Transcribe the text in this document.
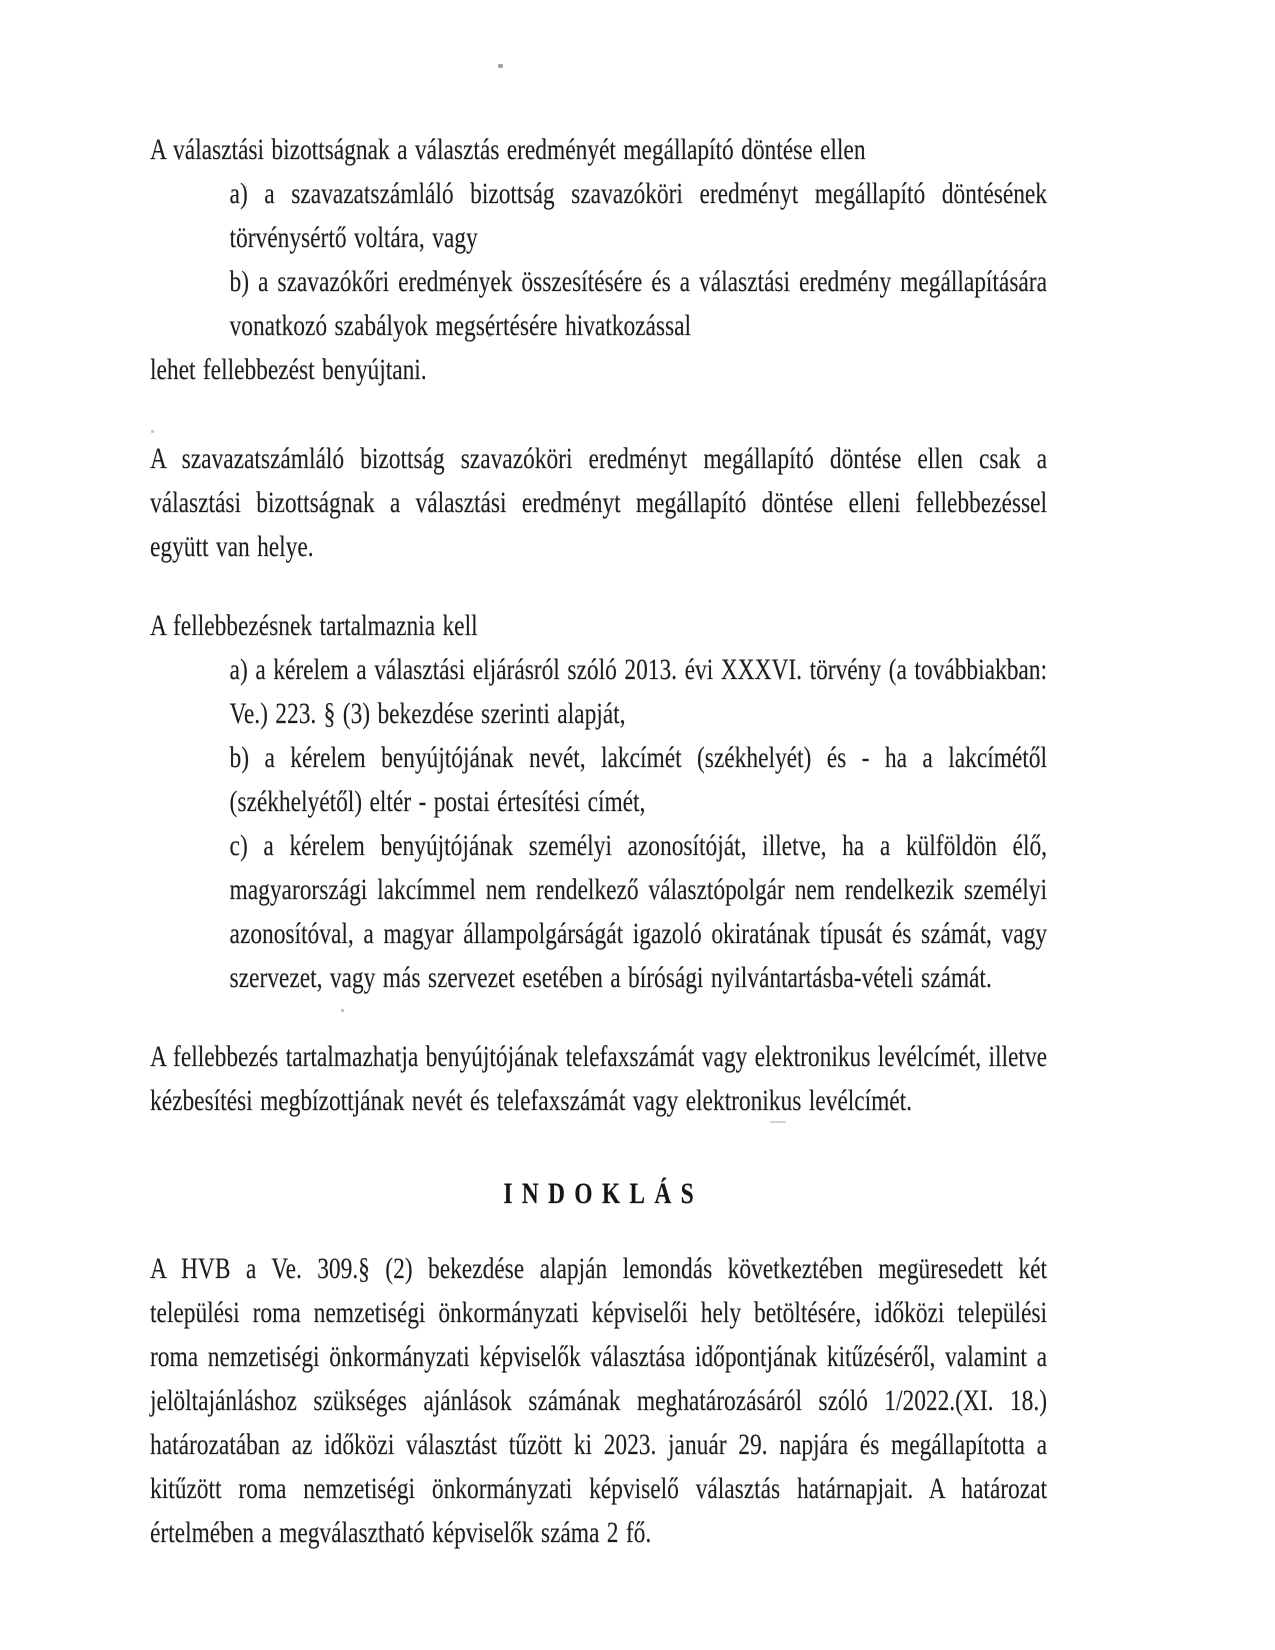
A választási bizottságnak a választás eredményét megállapító döntése ellen

a) a szavazatszámláló bizottság szavazóköri eredményt megállapító döntésének törvénysértő voltára, vagy

b) a szavazókőri eredmények összesítésére és a választási eredmény megállapítására vonatkozó szabályok megsértésére hivatkozással

lehet fellebbezést benyújtani.

A szavazatszámláló bizottság szavazóköri eredményt megállapító döntése ellen csak a választási bizottságnak a választási eredményt megállapító döntése elleni fellebbezéssel együtt van helye.

A fellebbezésnek tartalmaznia kell

a) a kérelem a választási eljárásról szóló 2013. évi XXXVI. törvény (a továbbiakban: Ve.) 223. § (3) bekezdése szerinti alapját,

b) a kérelem benyújtójának nevét, lakcímét (székhelyét) és - ha a lakcímétől (székhelyétől) eltér - postai értesítési címét,

c) a kérelem benyújtójának személyi azonosítóját, illetve, ha a külföldön élő, magyarországi lakcímmel nem rendelkező választópolgár nem rendelkezik személyi azonosítóval, a magyar állampolgárságát igazoló okiratának típusát és számát, vagy szervezet, vagy más szervezet esetében a bírósági nyilvántartásba-vételi számát.

A fellebbezés tartalmazhatja benyújtójának telefaxszámát vagy elektronikus levélcímét, illetve kézbesítési megbízottjának nevét és telefaxszámát vagy elektronikus levélcímét.

INDOKLÁS

A HVB a Ve. 309.§ (2) bekezdése alapján lemondás következtében megüresedett két települési roma nemzetiségi önkormányzati képviselői hely betöltésére, időközi települési roma nemzetiségi önkormányzati képviselők választása időpontjának kitűzéséről, valamint a jelöltajánláshoz szükséges ajánlások számának meghatározásáról szóló 1/2022.(XI. 18.) határozatában az időközi választást tűzött ki 2023. január 29. napjára és megállapította a kitűzött roma nemzetiségi önkormányzati képviselő választás határnapjait. A határozat értelmében a megválasztható képviselők száma 2 fő.
